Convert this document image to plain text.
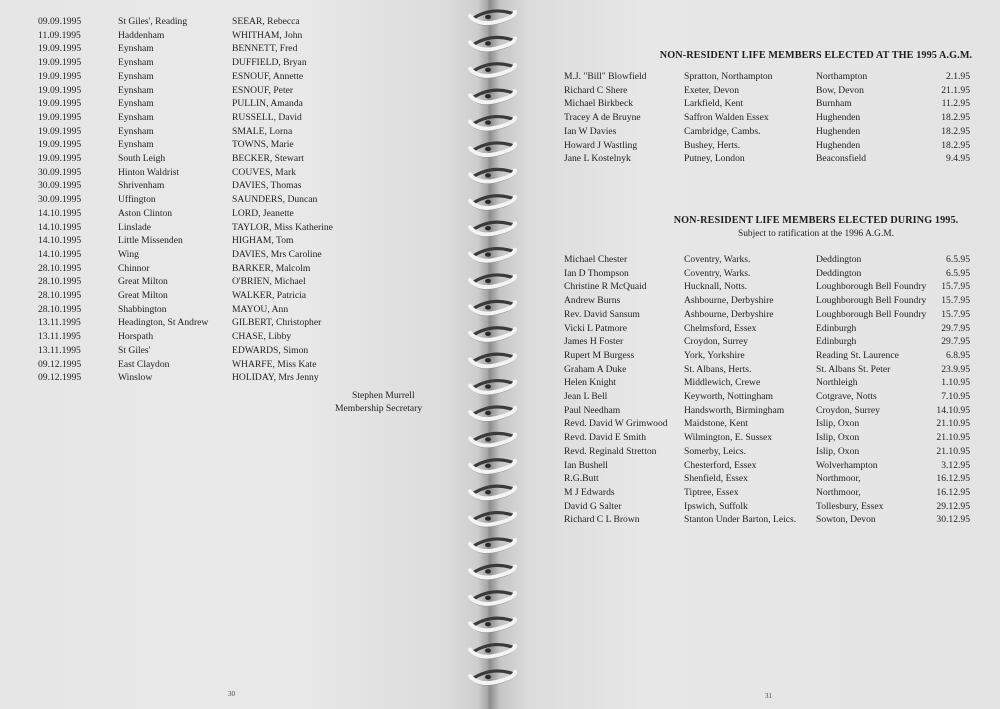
09.09.1995	St Giles', Reading	SEEAR, Rebecca
11.09.1995	Haddenham	WHITHAM, John
19.09.1995	Eynsham	BENNETT, Fred
19.09.1995	Eynsham	DUFFIELD, Bryan
19.09.1995	Eynsham	ESNOUF, Annette
19.09.1995	Eynsham	ESNOUF, Peter
19.09.1995	Eynsham	PULLIN, Amanda
19.09.1995	Eynsham	RUSSELL, David
19.09.1995	Eynsham	SMALE, Lorna
19.09.1995	Eynsham	TOWNS, Marie
19.09.1995	South Leigh	BECKER, Stewart
30.09.1995	Hinton Waldrist	COUVES, Mark
30.09.1995	Shrivenham	DAVIES, Thomas
30.09.1995	Uffington	SAUNDERS, Duncan
14.10.1995	Aston Clinton	LORD, Jeanette
14.10.1995	Linslade	TAYLOR, Miss Katherine
14.10.1995	Little Missenden	HIGHAM, Tom
14.10.1995	Wing	DAVIES, Mrs Caroline
28.10.1995	Chinnor	BARKER, Malcolm
28.10.1995	Great Milton	O'BRIEN, Michael
28.10.1995	Great Milton	WALKER, Patricia
28.10.1995	Shabbington	MAYOU, Ann
13.11.1995	Headington, St Andrew GILBERT, Christopher
13.11.1995	Horspath	CHASE, Libby
13.11.1995	St Giles'	EDWARDS, Simon
09.12.1995	East Claydon	WHARFE, Miss Kate
09.12.1995	Winslow	HOLIDAY, Mrs Jenny
Stephen Murrell
Membership Secretary
30
NON-RESIDENT LIFE MEMBERS ELECTED AT THE 1995 A.G.M.
M.J. "Bill" Blowfield	Spratton, Northampton	Northampton	2.1.95
Richard C Shere	Exeter, Devon	Bow, Devon	21.1.95
Michael Birkbeck	Larkfield, Kent	Burnham	11.2.95
Tracey A de Bruyne	Saffron Walden Essex	Hughenden	18.2.95
Ian W Davies	Cambridge, Cambs.	Hughenden	18.2.95
Howard J Wastling	Bushey, Herts.	Hughenden	18.2.95
Jane L Kostelnyk	Putney, London	Beaconsfield	9.4.95
NON-RESIDENT LIFE MEMBERS ELECTED DURING 1995.
Subject to ratification at the 1996 A.G.M.
Michael Chester	Coventry, Warks.	Deddington	6.5.95
Ian D Thompson	Coventry, Warks.	Deddington	6.5.95
Christine R McQuaid	Hucknall, Notts.	Loughborough Bell Foundry 15.7.95
Andrew Burns	Ashbourne, Derbyshire	Loughborough Bell Foundry 15.7.95
Rev. David Sansum	Ashbourne, Derbyshire	Loughborough Bell Foundry 15.7.95
Vicki L Patmore	Chelmsford, Essex	Edinburgh	29.7.95
James H Foster	Croydon, Surrey	Edinburgh	29.7.95
Rupert M Burgess	York, Yorkshire	Reading St. Laurence	6.8.95
Graham A Duke	St. Albans, Herts.	St. Albans St. Peter	23.9.95
Helen Knight	Middlewich, Crewe	Northleigh	1.10.95
Jean L Bell	Keyworth, Nottingham	Cotgrave, Notts	7.10.95
Paul Needham	Handsworth, Birmingham	Croydon, Surrey	14.10.95
Revd. David W Grimwood Maidstone, Kent	Islip, Oxon	21.10.95
Revd. David E Smith	Wilmington, E. Sussex	Islip, Oxon	21.10.95
Revd. Reginald Stretton	Somerby, Leics.	Islip, Oxon	21.10.95
Ian Bushell	Chesterford, Essex	Wolverhampton	3.12.95
R.G.Butt	Shenfield, Essex	Northmoor,	16.12.95
M J Edwards	Tiptree, Essex	Northmoor,	16.12.95
David G Salter	Ipswich, Suffolk	Tollesbury, Essex	29.12.95
Richard C L Brown	Stanton Under Barton, Leics. Sowton, Devon	30.12.95
31
